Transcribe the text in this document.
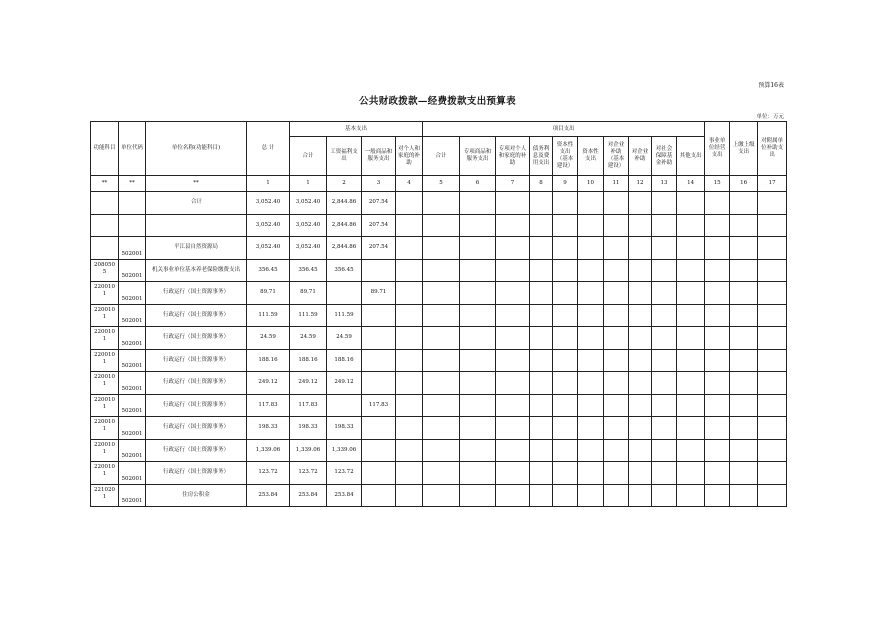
预算16表
公共财政拨款—经费拨款支出预算表
单位：万元
功能科目	单位代码	单位名称(功能科目)	总 计	基本支出				项目支出										事业单位经营支出	上缴上级支出	对附属单位补助支出
				合计	工资福利支出	一般商品和服务支出	对个人和家庭的补助	合计	专项商品和服务支出	专项对个人和家庭的补助	债务利息及费用支出	资本性支出（基本建设）	资本性支出	对企业补助（基本建设）	对企业补助	对社会保障基金补助	其他支出			
**	**	**	1	1	2	3	4	5	6	7	8	9	10	11	12	13	14	15	16	17
		合计	3,052.40	3,052.40	2,844.86	207.54														
			3,052.40	3,052.40	2,844.86	207.54														
	502001	平江县自然资源局	3,052.40	3,052.40	2,844.86	207.54														
2080505	502001	机关事业单位基本养老保险缴费支出	356.45	356.45	356.45															
2200101	502001	行政运行（国土资源事务）	89.71	89.71		89.71														
2200101	502001	行政运行（国土资源事务）	111.59	111.59	111.59															
2200101	502001	行政运行（国土资源事务）	24.59	24.59	24.59															
2200101	502001	行政运行（国土资源事务）	188.16	188.16	188.16															
2200101	502001	行政运行（国土资源事务）	249.12	249.12	249.12															
2200101	502001	行政运行（国土资源事务）	117.83	117.83		117.83														
2200101	502001	行政运行（国土资源事务）	198.33	198.33	198.33															
2200101	502001	行政运行（国土资源事务）	1,339.06	1,339.06	1,339.06															
2200101	502001	行政运行（国土资源事务）	123.72	123.72	123.72															
2210201	502001	住房公积金	253.84	253.84	253.84															
